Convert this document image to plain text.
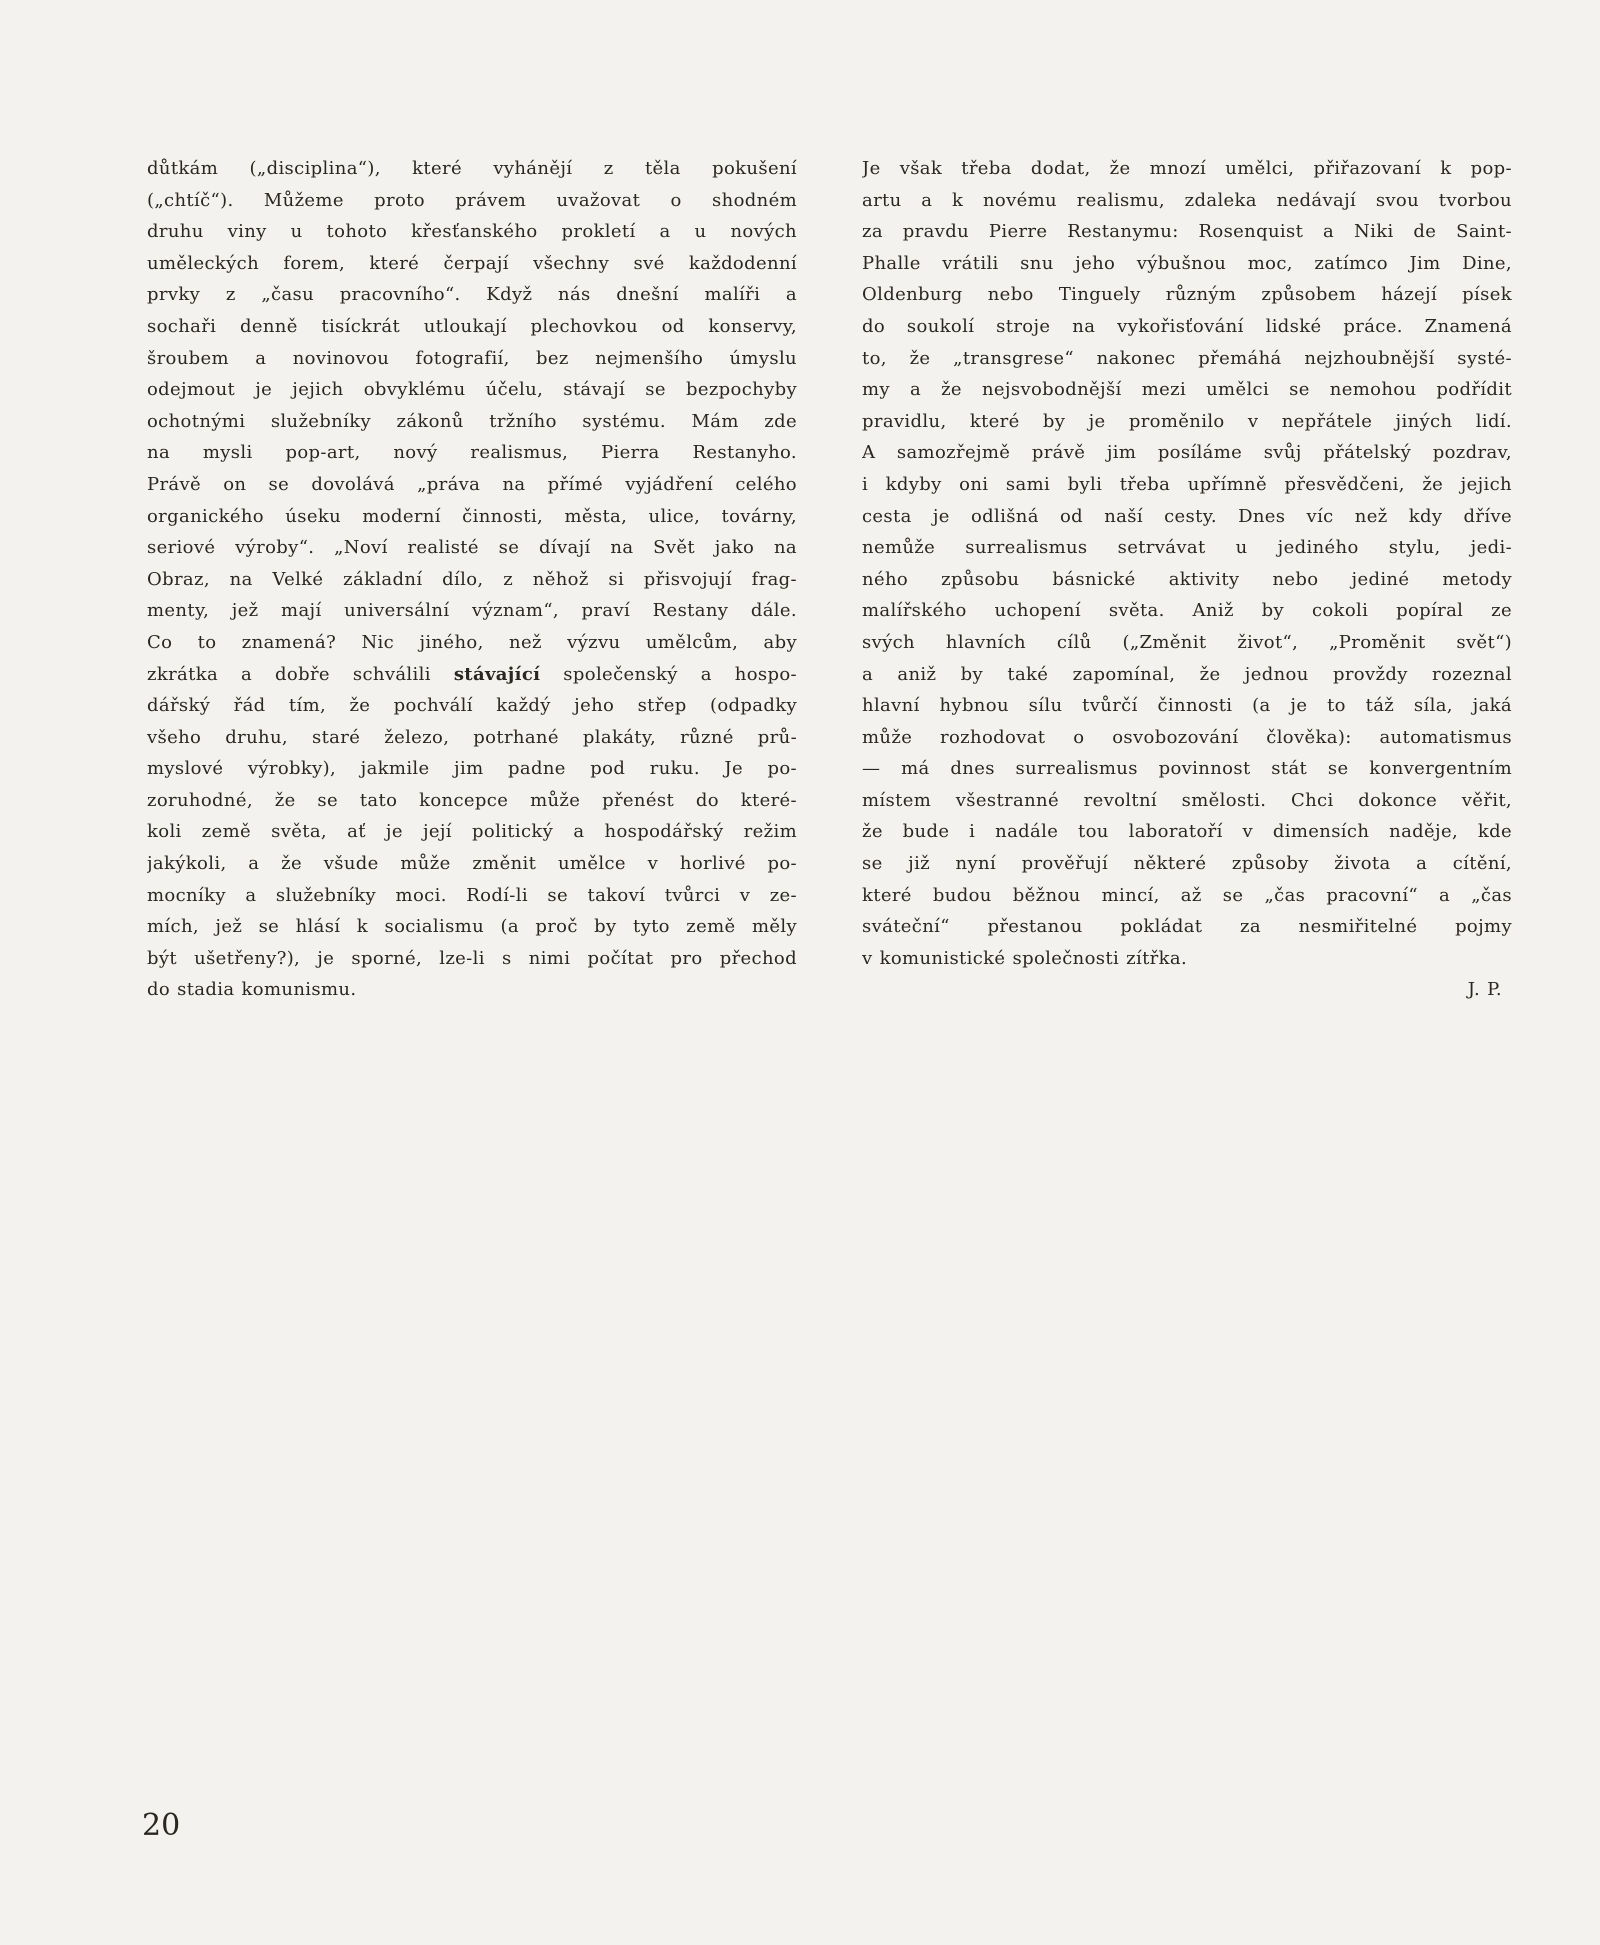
důtkám („disciplina“), které vyhánějí z těla pokušení
(„chtíč“). Můžeme proto právem uvažovat o shodném
druhu viny u tohoto křesťanského prokletí a u nových
uměleckých forem, které čerpají všechny své každodenní
prvky z „času pracovního“. Když nás dnešní malíři a
sochaři denně tisíckrát utloukají plechovkou od konservy,
šroubem a novinovou fotografií, bez nejmenšího úmyslu
odejmout je jejich obvyklému účelu, stávají se bezpochyby
ochotnými služebníky zákonů tržního systému. Mám zde
na mysli pop-art, nový realismus, Pierra Restanyho.
Právě on se dovolává „práva na přímé vyjádření celého
organického úseku moderní činnosti, města, ulice, továrny,
seriové výroby“. „Noví realisté se dívají na Svět jako na
Obraz, na Velké základní dílo, z něhož si přisvojují frag-
menty, jež mají universální význam“, praví Restany dále.
Co to znamená? Nic jiného, než výzvu umělcům, aby
zkrátka a dobře schválili stávající společenský a hospo-
dářský řád tím, že pochválí každý jeho střep (odpadky
všeho druhu, staré železo, potrhané plakáty, různé prů-
myslové výrobky), jakmile jim padne pod ruku. Je po-
zoruhodné, že se tato koncepce může přenést do které-
koli země světa, ať je její politický a hospodářský režim
jakýkoli, a že všude může změnit umělce v horlivé po-
mocníky a služebníky moci. Rodí-li se takoví tvůrci v ze-
mích, jež se hlásí k socialismu (a proč by tyto země měly
být ušetřeny?), je sporné, lze-li s nimi počítat pro přechod
do stadia komunismu.
Je však třeba dodat, že mnozí umělci, přiřazovaní k pop-
artu a k novému realismu, zdaleka nedávají svou tvorbou
za pravdu Pierre Restanymu: Rosenquist a Niki de Saint-
Phalle vrátili snu jeho výbušnou moc, zatímco Jim Dine,
Oldenburg nebo Tinguely různým způsobem házejí písek
do soukolí stroje na vykořisťování lidské práce. Znamená
to, že „transgrese“ nakonec přemáhá nejzhoubnější systé-
my a že nejsvobodnější mezi umělci se nemohou podřídit
pravidlu, které by je proměnilo v nepřátele jiných lidí.
A samozřejmě právě jim posíláme svůj přátelský pozdrav,
i kdyby oni sami byli třeba upřímně přesvědčeni, že jejich
cesta je odlišná od naší cesty. Dnes víc než kdy dříve
nemůže surrealismus setrvávat u jediného stylu, jedi-
ného způsobu básnické aktivity nebo jediné metody
malířského uchopení světa. Aniž by cokoli popíral ze
svých hlavních cílů („Změnit život“, „Proměnit svět“)
a aniž by také zapomínal, že jednou provždy rozeznal
hlavní hybnou sílu tvůrčí činnosti (a je to táž síla, jaká
může rozhodovat o osvobozování člověka): automatismus
— má dnes surrealismus povinnost stát se konvergentním
místem všestranné revoltní smělosti. Chci dokonce věřit,
že bude i nadále tou laboratoří v dimensích naděje, kde
se již nyní prověřují některé způsoby života a cítění,
které budou běžnou mincí, až se „čas pracovní“ a „čas
sváteční“ přestanou pokládat za nesmiřitelné pojmy
v komunistické společnosti zítřka.
J. P.
20
